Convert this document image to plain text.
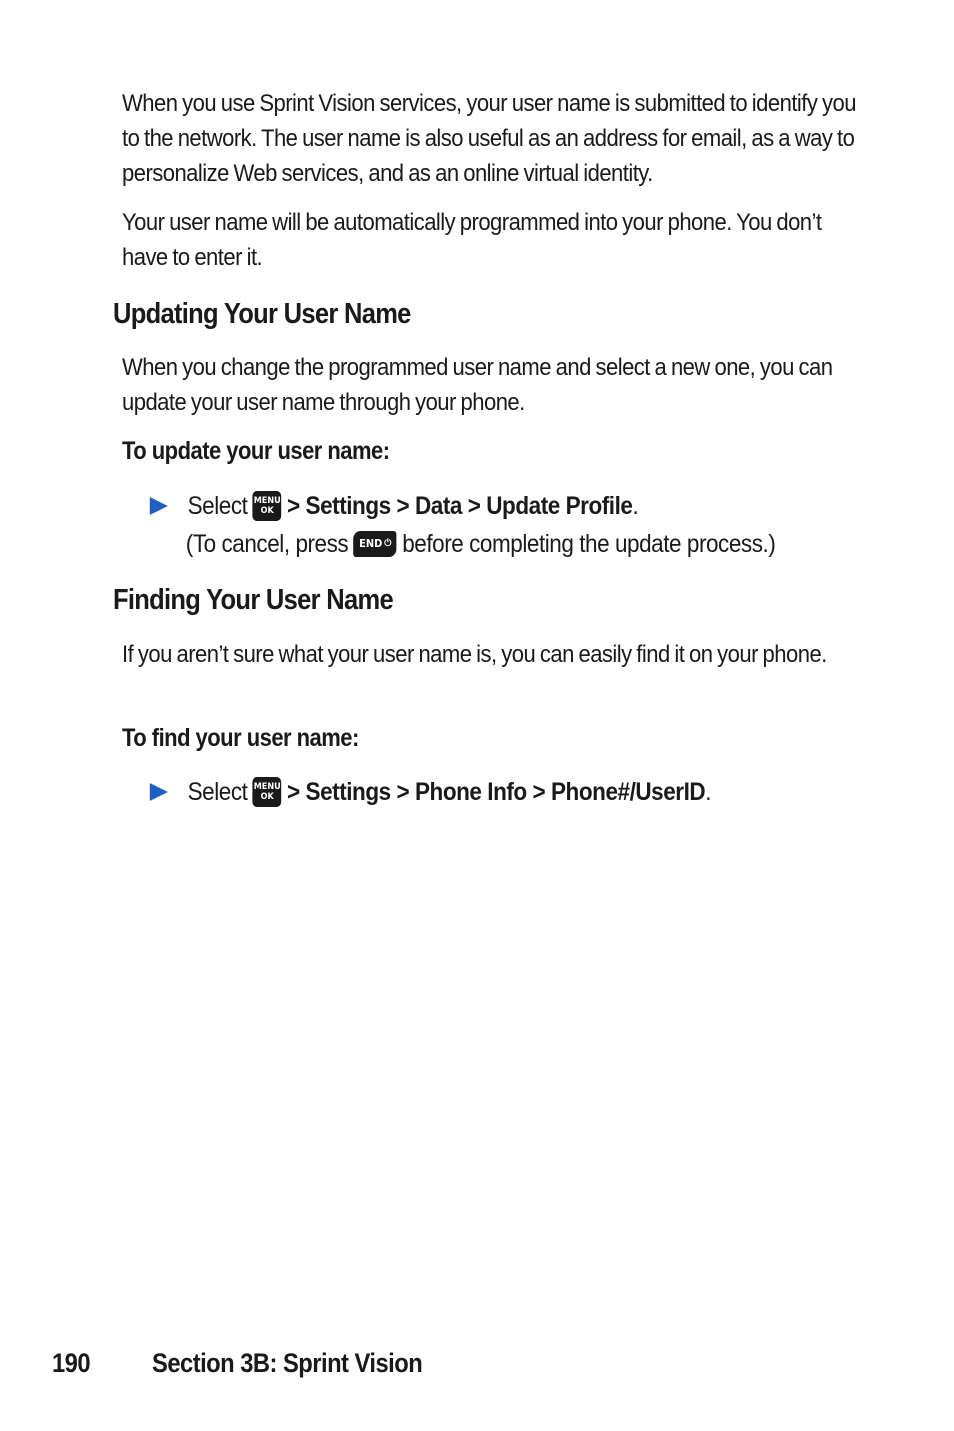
When you use Sprint Vision services, your user name is submitted to identify you to the network. The user name is also useful as an address for email, as a way to personalize Web services, and as an online virtual identity.

Your user name will be automatically programmed into your phone. You don’t have to enter it.

Updating Your User Name

When you change the programmed user name and select a new one, you can update your user name through your phone.

To update your user name:
Select MENU
OK > Settings > Data > Update Profile .
(To cancel, press END ⏻ before completing the update process.)
Finding Your User Name

If you aren’t sure what your user name is, you can easily find it on your phone.

To find your user name:
Select MENU
OK > Settings > Phone Info > Phone#/UserID .

190 Section 3B: Sprint Vision
